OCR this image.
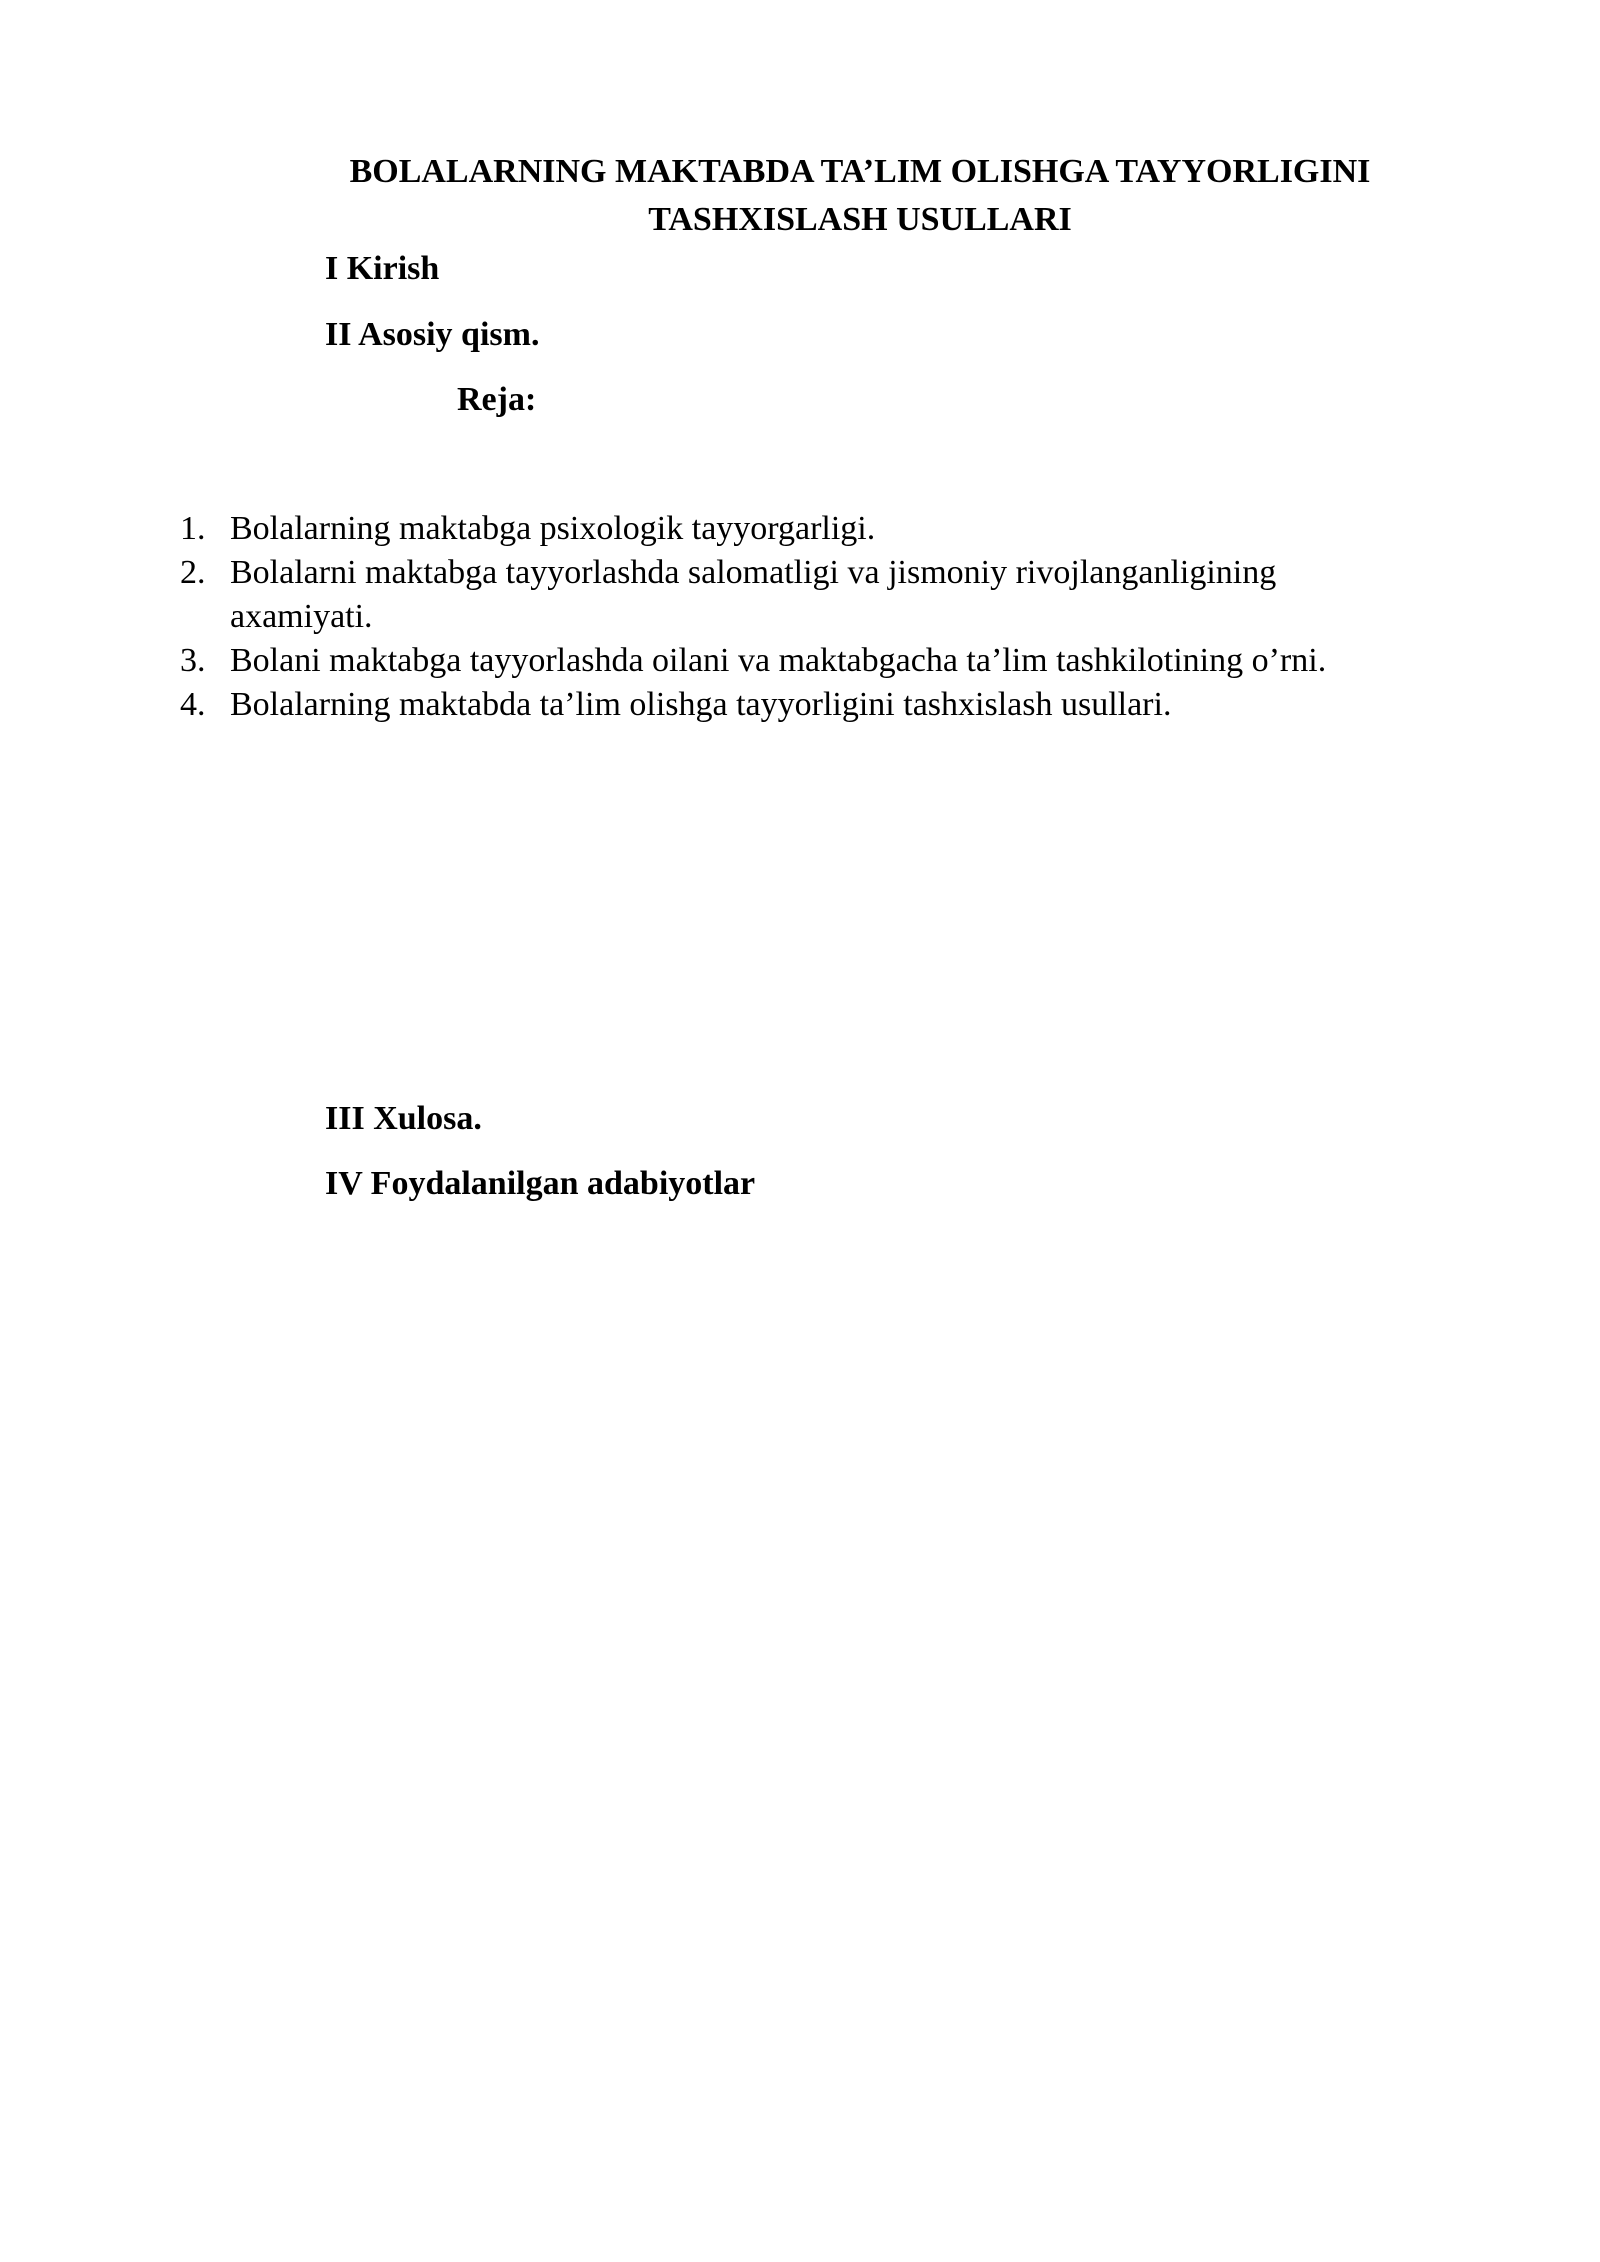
BOLALARNING MAKTABDA TA’LIM OLISHGA TAYYORLIGINI
TASHXISLASH USULLARI
I Kirish
II Asosiy qism.
Reja:
1. Bolalarning maktabga psixologik tayyorgarligi.
2. Bolalarni maktabga tayyorlashda salomatligi va jismoniy rivojlanganligining
axamiyati.
3. Bolani maktabga tayyorlashda oilani va maktabgacha ta’lim tashkilotining o’rni.
4. Bolalarning maktabda ta’lim olishga tayyorligini tashxislash usullari.
III Xulosa.
IV Foydalanilgan adabiyotlar
